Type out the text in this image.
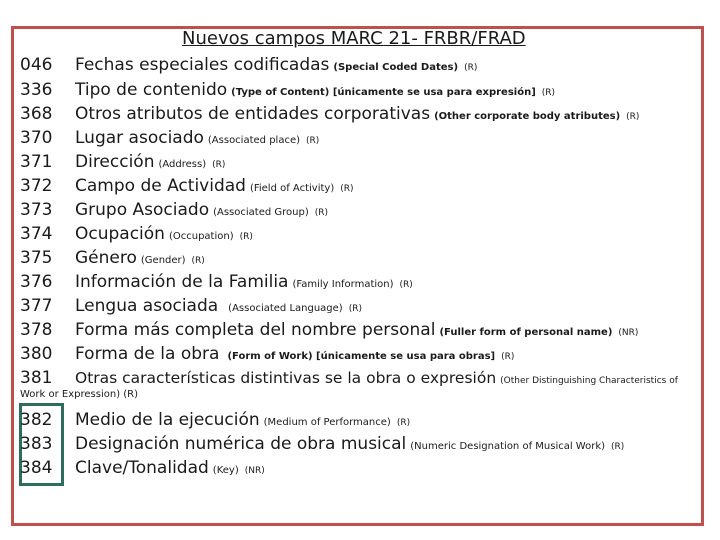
Nuevos campos MARC 21- FRBR/FRAD
046 Fechas especiales codificadas (Special Coded Dates) (R)
336 Tipo de contenido (Type of Content) [únicamente se usa para expresión] (R)
368 Otros atributos de entidades corporativas (Other corporate body atributes) (R)
370 Lugar asociado (Associated place) (R)
371 Dirección (Address) (R)
372 Campo de Actividad (Field of Activity) (R)
373 Grupo Asociado (Associated Group) (R)
374 Ocupación (Occupation) (R)
375 Género (Gender) (R)
376 Información de la Familia (Family Information) (R)
377 Lengua asociada (Associated Language) (R)
378 Forma más completa del nombre personal (Fuller form of personal name) (NR)
380 Forma de la obra (Form of Work) [únicamente se usa para obras] (R)
381 Otras características distintivas se la obra o expresión (Other Distinguishing Characteristics of
Work or Expression) (R)
382 Medio de la ejecución (Medium of Performance) (R)
383 Designación numérica de obra musical (Numeric Designation of Musical Work) (R)
384 Clave/Tonalidad (Key) (NR)
